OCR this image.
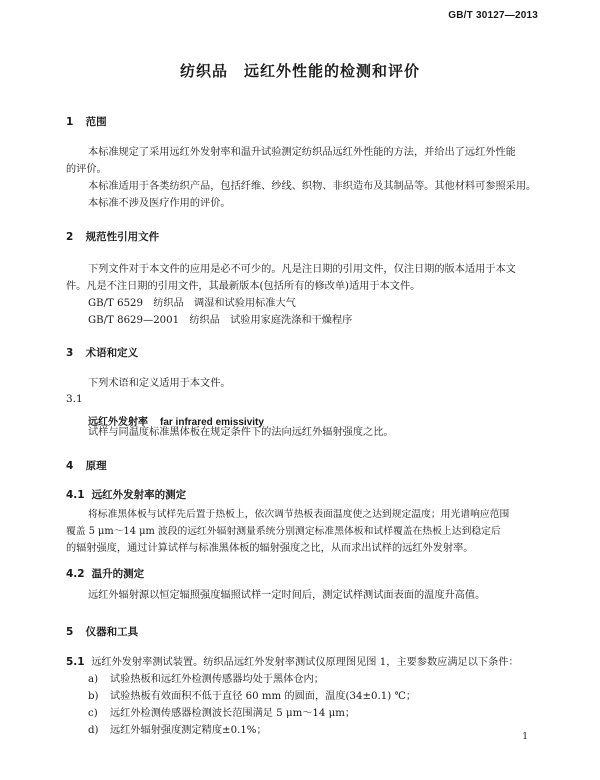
GB/T 30127—2013
纺织品　远红外性能的检测和评价
1 范围
本标准规定了采用远红外发射率和温升试验测定纺织品远红外性能的方法，并给出了远红外性能
的评价。
本标准适用于各类纺织产品，包括纤维、纱线、织物、非织造布及其制品等。其他材料可参照采用。
本标准不涉及医疗作用的评价。
2 规范性引用文件
下列文件对于本文件的应用是必不可少的。凡是注日期的引用文件，仅注日期的版本适用于本文
件。凡是不注日期的引用文件，其最新版本(包括所有的修改单)适用于本文件。
GB/T 6529　 纺织品　调湿和试验用标准大气
GB/T 8629—2001　 纺织品　试验用家庭洗涤和干燥程序
3 术语和定义
下列术语和定义适用于本文件。
3.1
远红外发射率 far infrared emissivity
试样与同温度标准黑体板在规定条件下的法向远红外辐射强度之比。
4 原理
4.1 远红外发射率的测定
将标准黑体板与试样先后置于热板上，依次调节热板表面温度使之达到规定温度；用光谱响应范围
覆盖 5 μm～14 μm 波段的远红外辐射测量系统分别测定标准黑体板和试样覆盖在热板上达到稳定后
的辐射强度，通过计算试样与标准黑体板的辐射强度之比，从而求出试样的远红外发射率。
4.2 温升的测定
远红外辐射源以恒定辐照强度辐照试样一定时间后，测定试样测试面表面的温度升高值。
5 仪器和工具
5.1 远红外发射率测试装置。纺织品远红外发射率测试仪原理图见图 1，主要参数应满足以下条件：
a) 试验热板和远红外检测传感器均处于黑体仓内；
b) 试验热板有效面积不低于直径 60 mm 的圆面，温度(34±0.1) ℃；
c) 远红外检测传感器检测波长范围满足 5 μm～14 μm；
d) 远红外辐射强度测定精度±0.1%；
1
